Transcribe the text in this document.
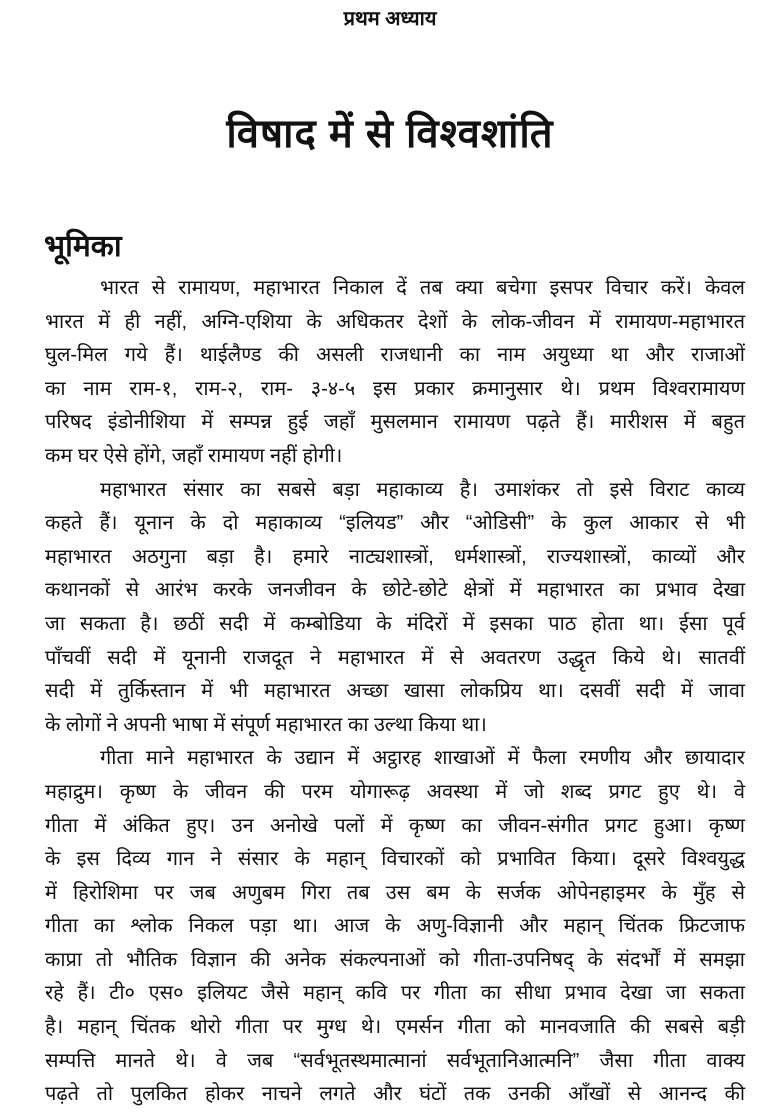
प्रथम अध्याय
विषाद में से विश्वशांति
भूमिका
भारत से रामायण, महाभारत निकाल दें तब क्या बचेगा इसपर विचार करें। केवल
भारत में ही नहीं, अग्नि-एशिया के अधिकतर देशों के लोक-जीवन में रामायण-महाभारत
घुल-मिल गये हैं। थाईलैण्ड की असली राजधानी का नाम अयुध्या था और राजाओं
का नाम राम-१, राम-२, राम- ३-४-५ इस प्रकार क्रमानुसार थे। प्रथम विश्वरामायण
परिषद इंडोनीशिया में सम्पन्न हुई जहाँ मुसलमान रामायण पढ़ते हैं। मारीशस में बहुत
कम घर ऐसे होंगे, जहाँ रामायण नहीं होगी।
महाभारत संसार का सबसे बड़ा महाकाव्य है। उमाशंकर तो इसे विराट काव्य
कहते हैं। यूनान के दो महाकाव्य “इलियड” और “ओडिसी” के कुल आकार से भी
महाभारत अठगुना बड़ा है। हमारे नाट्यशास्त्रों, धर्मशास्त्रों, राज्यशास्त्रों, काव्यों और
कथानकों से आरंभ करके जनजीवन के छोटे-छोटे क्षेत्रों में महाभारत का प्रभाव देखा
जा सकता है। छठीं सदी में कम्बोडिया के मंदिरों में इसका पाठ होता था। ईसा पूर्व
पाँचवीं सदी में यूनानी राजदूत ने महाभारत में से अवतरण उद्धृत किये थे। सातवीं
सदी में तुर्किस्तान में भी महाभारत अच्छा खासा लोकप्रिय था। दसवीं सदी में जावा
के लोगों ने अपनी भाषा में संपूर्ण महाभारत का उल्था किया था।
गीता माने महाभारत के उद्यान में अट्ठारह शाखाओं में फैला रमणीय और छायादार
महाद्रुम। कृष्ण के जीवन की परम योगारूढ़ अवस्था में जो शब्द प्रगट हुए थे। वे
गीता में अंकित हुए। उन अनोखे पलों में कृष्ण का जीवन-संगीत प्रगट हुआ। कृष्ण
के इस दिव्य गान ने संसार के महान् विचारकों को प्रभावित किया। दूसरे विश्वयुद्ध
में हिरोशिमा पर जब अणुबम गिरा तब उस बम के सर्जक ओपेनहाइमर के मुँह से
गीता का श्लोक निकल पड़ा था। आज के अणु-विज्ञानी और महान् चिंतक फ्रिटजाफ
काप्रा तो भौतिक विज्ञान की अनेक संकल्पनाओं को गीता-उपनिषद् के संदर्भों में समझा
रहे हैं। टी० एस० इलियट जैसे महान् कवि पर गीता का सीधा प्रभाव देखा जा सकता
है। महान् चिंतक थोरो गीता पर मुग्ध थे। एमर्सन गीता को मानवजाति की सबसे बड़ी
सम्पत्ति मानते थे। वे जब “सर्वभूतस्थमात्मानां सर्वभूतानिआत्मनि” जैसा गीता वाक्य
पढ़ते तो पुलकित होकर नाचने लगते और घंटों तक उनकी आँखों से आनन्द की
